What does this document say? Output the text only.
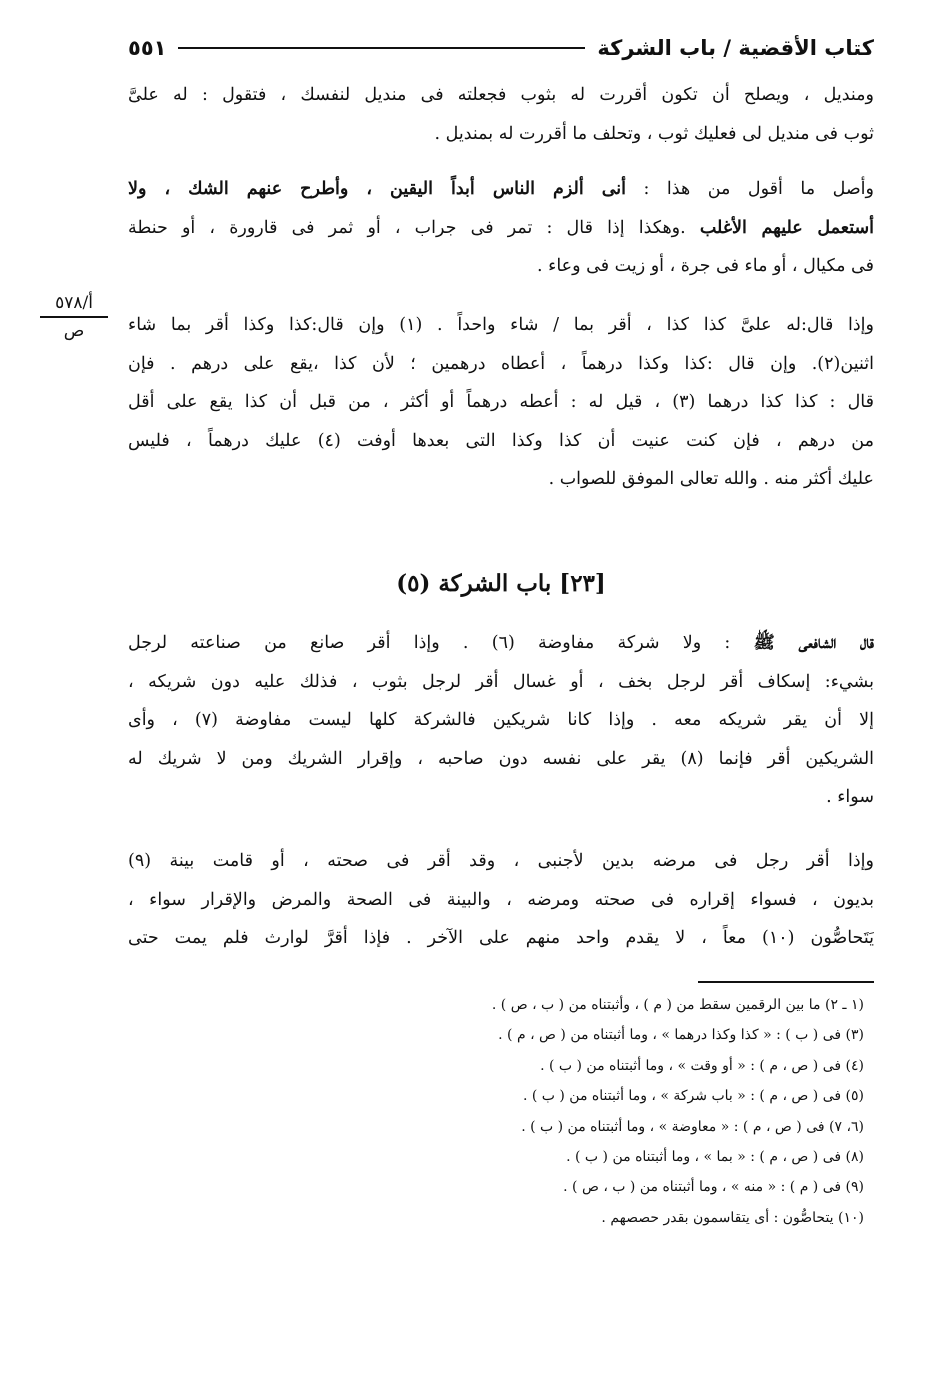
كتاب الأقضية / باب الشركة
٥٥١
ومنديل ، ويصلح أن تكون أقررت له بثوب فجعلته فى منديل لنفسك ، فتقول : له علىَّ
ثوب فى منديل لى فعليك ثوب ، وتحلف ما أقررت له بمنديل .
وأصل ما أقول من هذا : أنى ألزم الناس أبداً اليقين ، وأطرح عنهم الشك ، ولا
أستعمل عليهم الأغلب .وهكذا إذا قال : تمر فى جراب ، أو ثمر فى قارورة ، أو حنطة
فى مكيال ، أو ماء فى جرة ، أو زيت فى وعاء .
أ/٥٧٨
ص	وإذا قال:له علىَّ كذا كذا ، أقر بما / شاء واحداً . (١) وإن قال:كذا وكذا أقر بما شاء
اثنين(٢). وإن قال :كذا وكذا درهماً ، أعطاه درهمين ؛ لأن كذا ،يقع على درهم . فإن
قال : كذا كذا درهما (٣) ، قيل له : أعطه درهماً أو أكثر ، من قبل أن كذا يقع على أقل
من درهم ، فإن كنت عنيت أن كذا وكذا التى بعدها أوفت (٤) عليك درهماً ، فليس
عليك أكثر منه . والله تعالى الموفق للصواب .
[٢٣] باب الشركة (٥)
قال الشافعى ﷺ : ولا شركة مفاوضة (٦) . وإذا أقر صانع من صناعته لرجل
بشيء: إسكاف أقر لرجل بخف ، أو غسال أقر لرجل بثوب ، فذلك عليه دون شريكه ،
إلا أن يقر شريكه معه . وإذا كانا شريكين فالشركة كلها ليست مفاوضة (٧) ، وأى
الشريكين أقر فإنما (٨) يقر على نفسه دون صاحبه ، وإقرار الشريك ومن لا شريك له
سواء .
وإذا أقر رجل فى مرضه بدين لأجنبى ، وقد أقر فى صحته ، أو قامت بينة (٩)
بديون ، فسواء إقراره فى صحته ومرضه ، والبينة فى الصحة والمرض والإقرار سواء ،
يَتَحاصُّون (١٠) معاً ، لا يقدم واحد منهم على الآخر . فإذا أقرَّ لوارث فلم يمت حتى
(١ ـ ٢) ما بين الرقمين سقط من ( م ) ، وأثبتناه من ( ب ، ص ) .
(٣) فى ( ب ) : « كذا وكذا درهما » ، وما أثبتناه من ( ص ، م ) .
(٤) فى ( ص ، م ) : « أو وقت » ، وما أثبتناه من ( ب ) .
(٥) فى ( ص ، م ) : « باب شركة » ، وما أثبتناه من ( ب ) .
(٦، ٧) فى ( ص ، م ) : « معاوضة » ، وما أثبتناه من ( ب ) .
(٨) فى ( ص ، م ) : « بما » ، وما أثبتناه من ( ب ) .
(٩) فى ( م ) : « منه » ، وما أثبتناه من ( ب ، ص ) .
(١٠) يتحاصُّون : أى يتقاسمون بقدر حصصهم .
